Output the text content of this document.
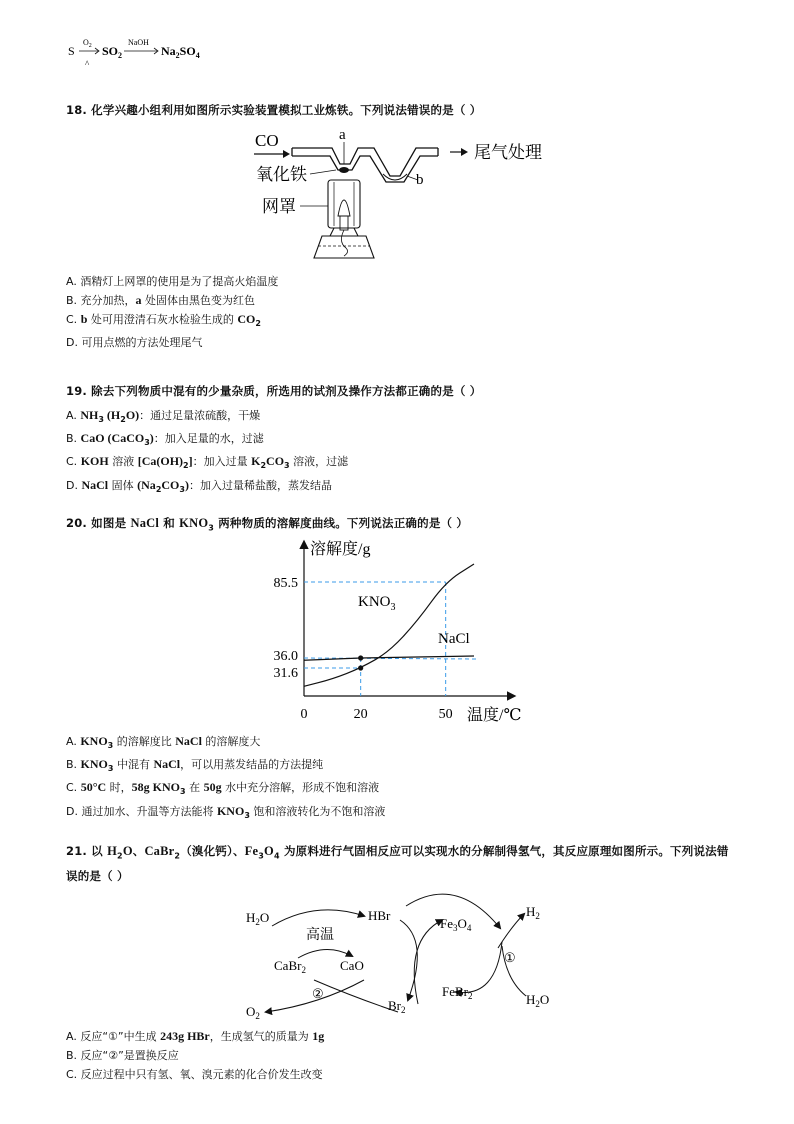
S
$O_2$
^
$SO_2$
NaOH
$Na_2SO_4$
18. 化学兴趣小组利用如图所示实验装置模拟工业炼铁。下列说法错误的是（ ）
CO
b
a
尾气处理
氧化铁
网罩
A. 酒精灯上网罩的使用是为了提高火焰温度
B. 充分加热，a 处固体由黑色变为红色
C. b 处可用澄清石灰水检验生成的 $CO_2$
D. 可用点燃的方法处理尾气
19. 除去下列物质中混有的少量杂质，所选用的试剂及操作方法都正确的是（ ）
A. $NH_3$ $(H_2O)$：通过足量浓硫酸，干燥
B. CaO (CaCO$_3$)：加入足量的水，过滤
C. KOH 溶液 $[Ca(OH)_2]$：加入过量 $K_2CO_3$ 溶液，过滤
D. NaCl 固体 $(Na_2CO_3)$：加入过量稀盐酸，蒸发结晶
20. 如图是 NaCl 和 $KNO_3$ 两种物质的溶解度曲线。下列说法正确的是（ ）
溶解度/g
温度/℃
85.5
36.0
31.6
0	20	50
$KNO_3$
NaCl
A. $KNO_3$ 的溶解度比 NaCl 的溶解度大
B. $KNO_3$ 中混有 NaCl，可以用蒸发结晶的方法提纯
C. 50°C 时，58g $KNO_3$ 在 50g 水中充分溶解，形成不饱和溶液
D. 通过加水、升温等方法能将 $KNO_3$ 饱和溶液转化为不饱和溶液
21. 以 $H_2O$、CaBr$_2$（溴化钙）、$Fe_3O_4$ 为原料进行气固相反应可以实现水的分解制得氢气，其反应原理如图所示。下列说法错
误的是（ ）
$H_2O$
高温
HBr
CaBr$_2$	CaO
②
$O_2$
$Br_2$
$Fe_3O_4$
FeBr$_2$
①
$H_2$
$H_2O$
A. 反应“①”中生成 243g HBr，生成氢气的质量为 1g
B. 反应“②”是置换反应
C. 反应过程中只有氢、氧、溴元素的化合价发生改变
